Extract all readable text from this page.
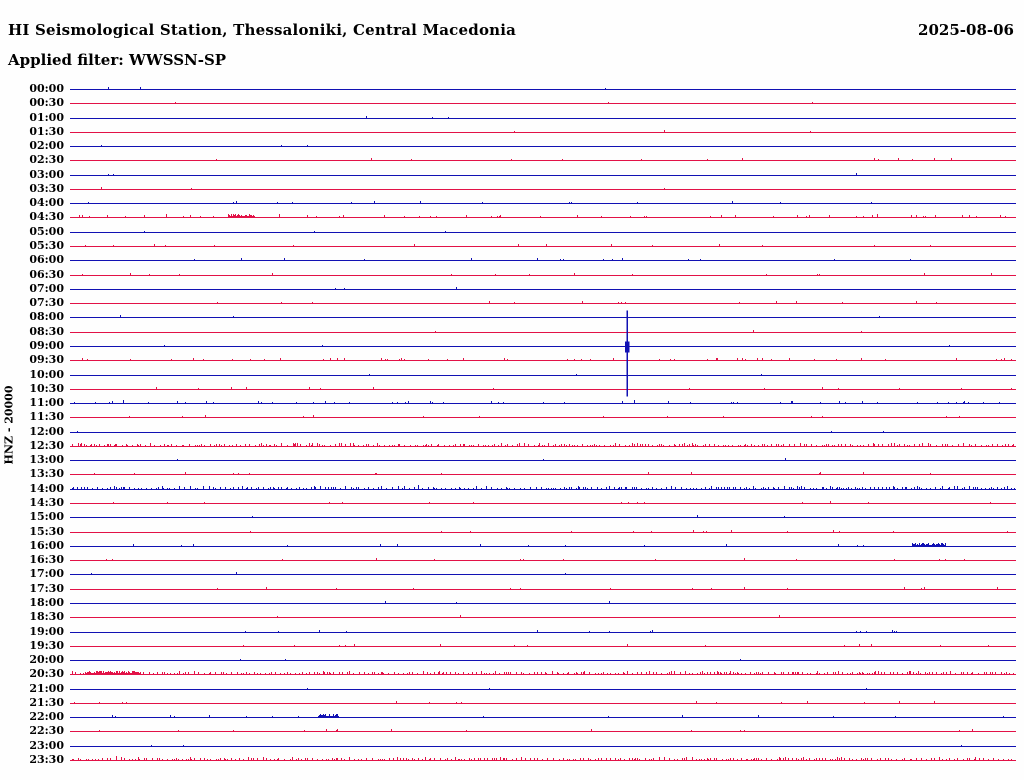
HI Seismological Station, Thessaloniki, Central Macedonia	2025-08-06
Applied filter: WWSSN-SP
HNZ - 20000
00:00
00:30
01:00
01:30
02:00
02:30
03:00
03:30
04:00
04:30
05:00
05:30
06:00
06:30
07:00
07:30
08:00
08:30
09:00
09:30
10:00
10:30
11:00
11:30
12:00
12:30
13:00
13:30
14:00
14:30
15:00
15:30
16:00
16:30
17:00
17:30
18:00
18:30
19:00
19:30
20:00
20:30
21:00
21:30
22:00
22:30
23:00
23:30
